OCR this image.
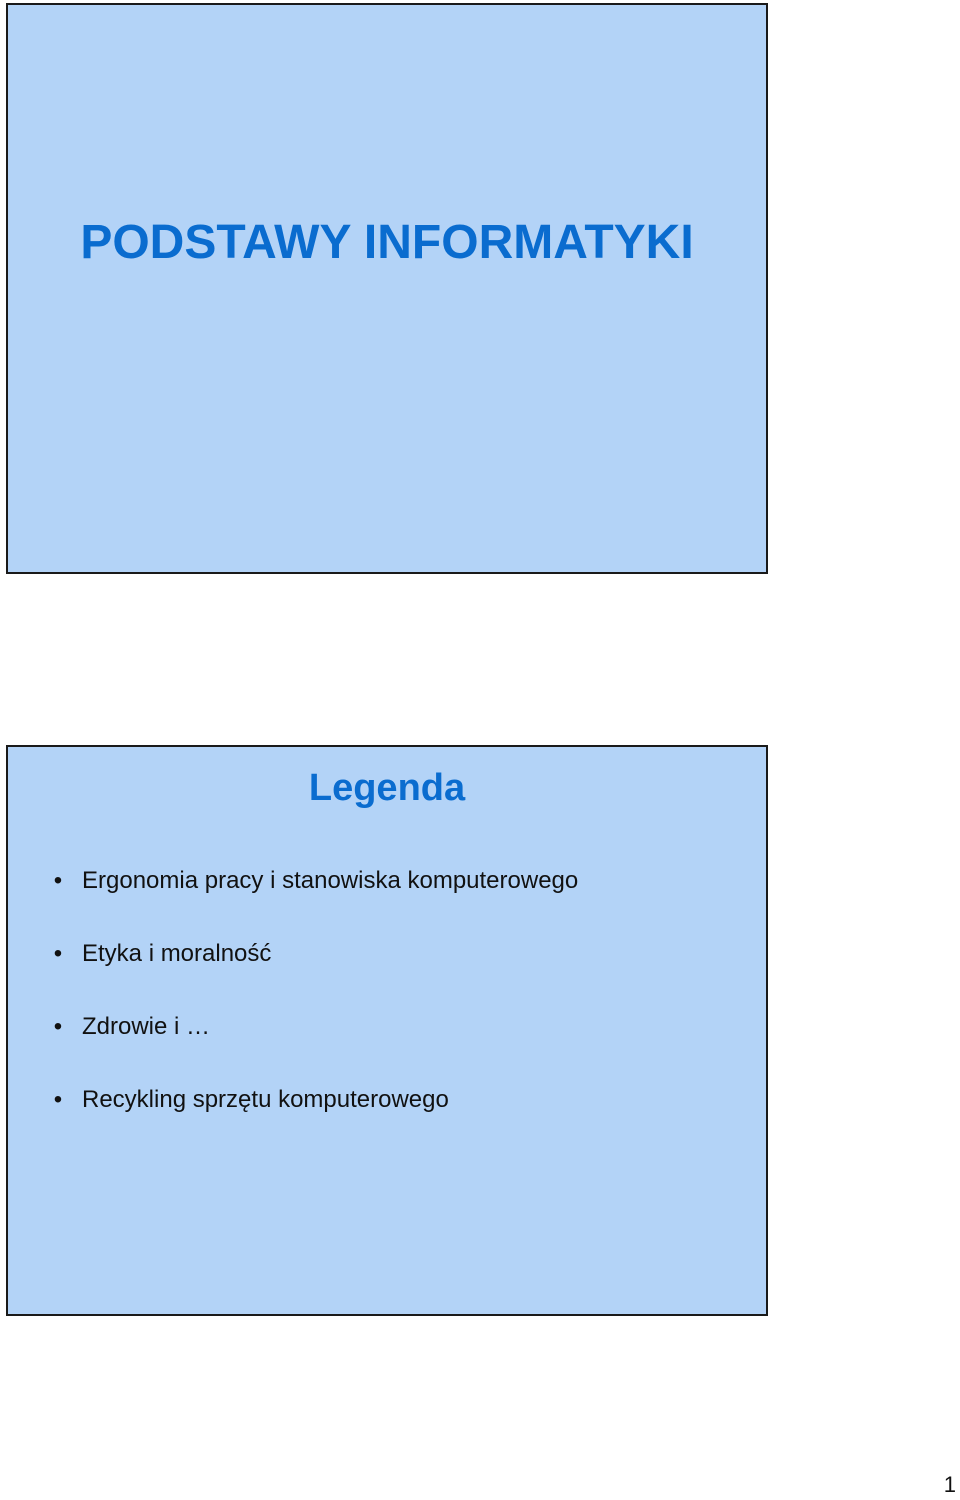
PODSTAWY INFORMATYKI
Legenda
• Ergonomia pracy i stanowiska komputerowego
• Etyka i moralność
• Zdrowie i …
• Recykling sprzętu komputerowego
1
